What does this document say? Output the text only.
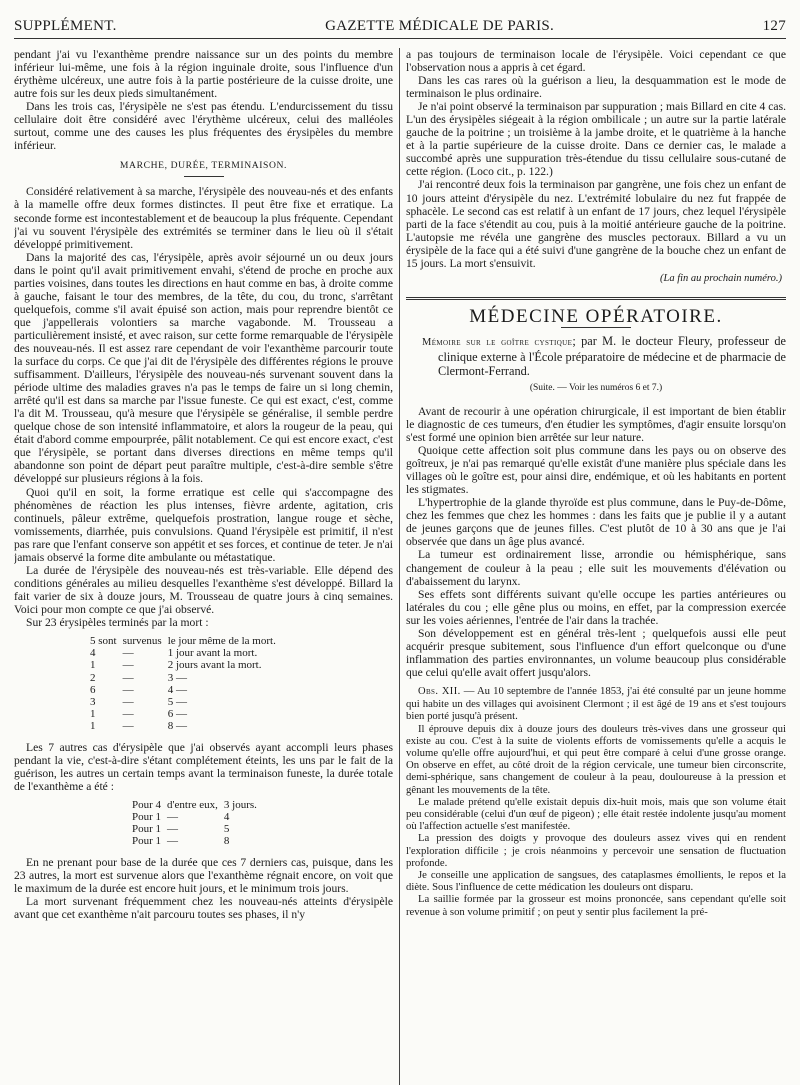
SUPPLÉMENT.	GAZETTE MÉDICALE DE PARIS.	127

pendant j'ai vu l'exanthème prendre naissance sur un des points du membre inférieur lui-même, une fois à la région inguinale droite, sous l'influence d'un érythème ulcéreux, une autre fois à la partie postérieure de la cuisse droite, une autre fois sur les deux pieds simultanément.

Dans les trois cas, l'érysipèle ne s'est pas étendu. L'endurcissement du tissu cellulaire doit être considéré avec l'érythème ulcéreux, celui des malléoles surtout, comme une des causes les plus fréquentes des érysipèles du membre inférieur.

MARCHE, DURÉE, TERMINAISON.

Considéré relativement à sa marche, l'érysipèle des nouveau-nés et des enfants à la mamelle offre deux formes distinctes. Il peut être fixe et erratique. La seconde forme est incontestablement et de beaucoup la plus fréquente. Cependant j'ai vu souvent l'érysipèle des extrémités se terminer dans le lieu où il s'était développé primitivement.

Dans la majorité des cas, l'érysipèle, après avoir séjourné un ou deux jours dans le point qu'il avait primitivement envahi, s'étend de proche en proche aux parties voisines, dans toutes les directions en haut comme en bas, à droite comme à gauche, faisant le tour des membres, de la tête, du cou, du tronc, s'arrêtant quelquefois, comme s'il avait épuisé son action, mais pour reprendre bientôt ce que j'appellerais volontiers sa marche vagabonde. M. Trousseau a particulièrement insisté, et avec raison, sur cette forme remarquable de l'érysipèle des nouveau-nés. Il est assez rare cependant de voir l'exanthème parcourir toute la surface du corps. Ce que j'ai dit de l'érysipèle des différentes régions le prouve suffisamment. D'ailleurs, l'érysipèle des nouveau-nés survenant souvent dans la période ultime des maladies graves n'a pas le temps de faire un si long chemin, arrêté qu'il est dans sa marche par l'issue funeste. Ce qui est exact, c'est, comme l'a dit M. Trousseau, qu'à mesure que l'érysipèle se généralise, il semble perdre quelque chose de son intensité inflammatoire, et alors la rougeur de la peau, qui était d'abord comme empourprée, pâlit notablement. Ce qui est encore exact, c'est que l'érysipèle, se portant dans diverses directions en même temps qu'il abandonne son point de départ peut paraître multiple, c'est-à-dire semble s'être développé sur plusieurs régions à la fois.

Quoi qu'il en soit, la forme erratique est celle qui s'accompagne des phénomènes de réaction les plus intenses, fièvre ardente, agitation, cris continuels, pâleur extrême, quelquefois prostration, langue rouge et sèche, vomissements, diarrhée, puis convulsions. Quand l'érysipèle est primitif, il n'est pas rare que l'enfant conserve son appétit et ses forces, et continue de teter. Je n'ai jamais observé la forme dite ambulante ou métastatique.

La durée de l'érysipèle des nouveau-nés est très-variable. Elle dépend des conditions générales au milieu desquelles l'exanthème s'est développé. Billard la fait varier de six à douze jours, M. Trousseau de quatre jours à cinq semaines. Voici pour mon compte ce que j'ai observé.

Sur 23 érysipèles terminés par la mort :

5 sont	survenus	le jour même de la mort.
4	—	1 jour avant la mort.
1	—	2 jours avant la mort.
2	—	3 —
6	—	4 —
3	—	5 —
1	—	6 —
1	—	8 —

Les 7 autres cas d'érysipèle que j'ai observés ayant accompli leurs phases pendant la vie, c'est-à-dire s'étant complétement éteints, les uns par le fait de la guérison, les autres un certain temps avant la terminaison funeste, la durée totale de l'exanthème a été :

Pour 4	d'entre eux,	3 jours.
Pour 1	—	4
Pour 1	—	5
Pour 1	—	8

En ne prenant pour base de la durée que ces 7 derniers cas, puisque, dans les 23 autres, la mort est survenue alors que l'exanthème régnait encore, on voit que le maximum de la durée est encore huit jours, et le minimum trois jours.

La mort survenant fréquemment chez les nouveau-nés atteints d'érysipèle avant que cet exanthème n'ait parcouru toutes ses phases, il n'y

a pas toujours de terminaison locale de l'érysipèle. Voici cependant ce que l'observation nous a appris à cet égard.

Dans les cas rares où la guérison a lieu, la desquammation est le mode de terminaison le plus ordinaire.

Je n'ai point observé la terminaison par suppuration ; mais Billard en cite 4 cas. L'un des érysipèles siégeait à la région ombilicale ; un autre sur la partie latérale gauche de la poitrine ; un troisième à la jambe droite, et le quatrième à la hanche et à la partie supérieure de la cuisse droite. Dans ce dernier cas, le malade a succombé après une suppuration très-étendue du tissu cellulaire sous-cutané de cette région. (Loco cit., p. 122.)

J'ai rencontré deux fois la terminaison par gangrène, une fois chez un enfant de 10 jours atteint d'érysipèle du nez. L'extrémité lobulaire du nez fut frappée de sphacèle. Le second cas est relatif à un enfant de 17 jours, chez lequel l'érysipèle parti de la face s'étendit au cou, puis à la moitié antérieure gauche de la poitrine. L'autopsie me révéla une gangrène des muscles pectoraux. Billard a vu un érysipèle de la face qui a été suivi d'une gangrène de la bouche chez un enfant de 15 jours. La mort s'ensuivit.

(La fin au prochain numéro.)
MÉDECINE OPÉRATOIRE.

Mémoire sur le goître cystique; par M. le docteur Fleury, professeur de clinique externe à l'École préparatoire de médecine et de pharmacie de Clermont-Ferrand.

(Suite. — Voir les numéros 6 et 7.)

Avant de recourir à une opération chirurgicale, il est important de bien établir le diagnostic de ces tumeurs, d'en étudier les symptômes, d'agir ensuite lorsqu'on s'est formé une opinion bien arrêtée sur leur nature.

Quoique cette affection soit plus commune dans les pays ou on observe des goîtreux, je n'ai pas remarqué qu'elle existât d'une manière plus spéciale dans les villages où le goître est, pour ainsi dire, endémique, et où les habitants en portent les stigmates.

L'hypertrophie de la glande thyroïde est plus commune, dans le Puy-de-Dôme, chez les femmes que chez les hommes : dans les faits que je publie il y a autant de jeunes garçons que de jeunes filles. C'est plutôt de 10 à 30 ans que je l'ai observée que dans un âge plus avancé.

La tumeur est ordinairement lisse, arrondie ou hémisphérique, sans changement de couleur à la peau ; elle suit les mouvements d'élévation ou d'abaissement du larynx.

Ses effets sont différents suivant qu'elle occupe les parties antérieures ou latérales du cou ; elle gêne plus ou moins, en effet, par la compression exercée sur les voies aériennes, l'entrée de l'air dans la trachée.

Son développement est en général très-lent ; quelquefois aussi elle peut acquérir presque subitement, sous l'influence d'un effort quelconque ou d'une inflammation des parties environnantes, un volume beaucoup plus considérable que celui qu'elle avait offert jusqu'alors.

Obs. XII. — Au 10 septembre de l'année 1853, j'ai été consulté par un jeune homme qui habite un des villages qui avoisinent Clermont ; il est âgé de 19 ans et s'est toujours bien porté jusqu'à présent.

Il éprouve depuis dix à douze jours des douleurs très-vives dans une grosseur qui existe au cou. C'est à la suite de violents efforts de vomissements qu'elle a acquis le volume qu'elle offre aujourd'hui, et qui peut être comparé à celui d'une grosse orange. On observe en effet, au côté droit de la région cervicale, une tumeur bien circonscrite, demi-sphérique, sans changement de couleur à la peau, douloureuse à la pression et gênant les mouvements de la tête.

Le malade prétend qu'elle existait depuis dix-huit mois, mais que son volume était peu considérable (celui d'un œuf de pigeon) ; elle était restée indolente jusqu'au moment où l'affection actuelle s'est manifestée.

La pression des doigts y provoque des douleurs assez vives qui en rendent l'exploration difficile ; je crois néanmoins y percevoir une sensation de fluctuation profonde.

Je conseille une application de sangsues, des cataplasmes émollients, le repos et la diète. Sous l'influence de cette médication les douleurs ont disparu.

La saillie formée par la grosseur est moins prononcée, sans cependant qu'elle soit revenue à son volume primitif ; on peut y sentir plus facilement la pré-
